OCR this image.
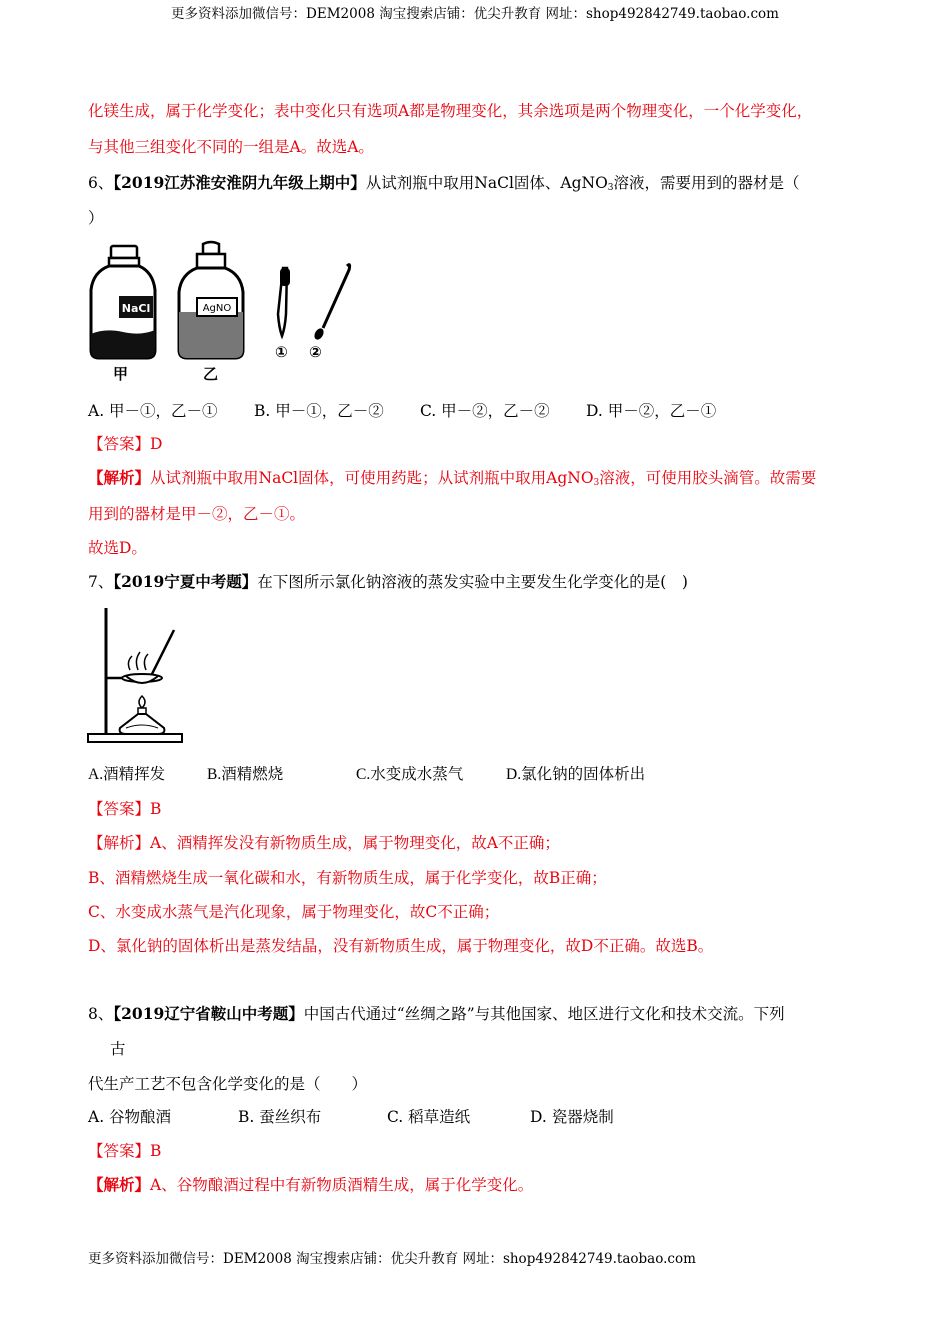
更多资料添加微信号：DEM2008 淘宝搜索店铺：优尖升教育 网址：shop492842749.taobao.com
化镁生成，属于化学变化；表中变化只有选项A都是物理变化，其余选项是两个物理变化，一个化学变化，
与其他三组变化不同的一组是A。故选A。
6、【2019江苏淮安淮阴九年级上期中】从试剂瓶中取用NaCl固体、AgNO$_3$溶液，需要用到的器材是（
）
NaCl	AgNO
① ②
甲	乙
A. 甲－①，乙－① B. 甲－①，乙－② C. 甲－②，乙－② D. 甲－②，乙－①
【答案】D
【解析】从试剂瓶中取用NaCl固体，可使用药匙；从试剂瓶中取用AgNO$_3$溶液，可使用胶头滴管。故需要
用到的器材是甲－②，乙－①。
故选D。
7、【2019宁夏中考题】在下图所示氯化钠溶液的蒸发实验中主要发生化学变化的是(　)
A.酒精挥发	B.酒精燃烧	C.水变成水蒸气	D.氯化钠的固体析出
【答案】B
【解析】A、酒精挥发没有新物质生成，属于物理变化，故A不正确；
B、酒精燃烧生成一氧化碳和水，有新物质生成，属于化学变化，故B正确；
C、水变成水蒸气是汽化现象，属于物理变化，故C不正确；
D、氯化钠的固体析出是蒸发结晶，没有新物质生成，属于物理变化，故D不正确。故选B。
8、【2019辽宁省鞍山中考题】中国古代通过“丝绸之路”与其他国家、地区进行文化和技术交流。下列
古
代生产工艺不包含化学变化的是（　　）
A. 谷物酿酒	B. 蚕丝织布	C. 稻草造纸	D. 瓷器烧制
【答案】B
【解析】A、谷物酿酒过程中有新物质酒精生成，属于化学变化。
更多资料添加微信号：DEM2008 淘宝搜索店铺：优尖升教育 网址：shop492842749.taobao.com
